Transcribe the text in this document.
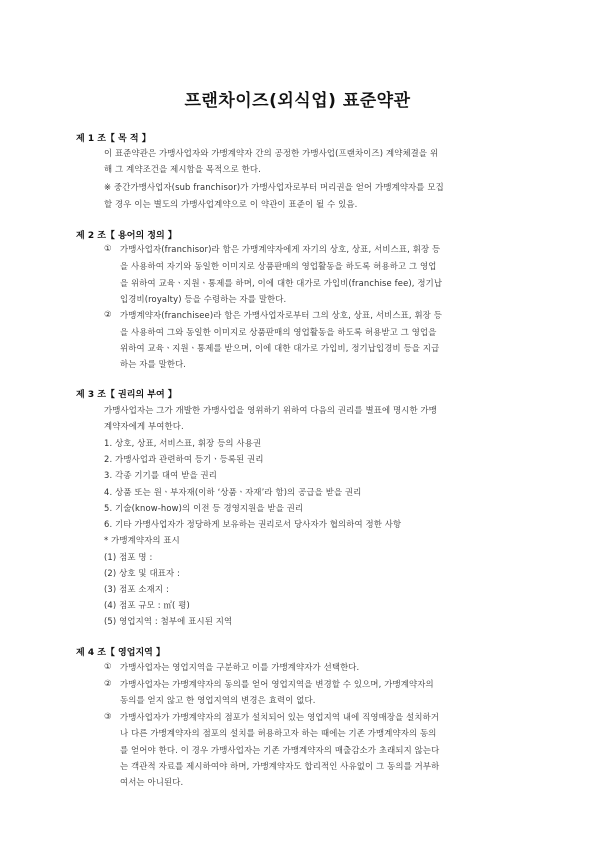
프랜차이즈(외식업) 표준약관
제 1 조【 목 적 】
이 표준약관은 가맹사업자와 가맹계약자 간의 공정한 가맹사업(프랜차이즈) 계약체결을 위
해 그 계약조건을 제시함을 목적으로 한다.
※ 중간가맹사업자(sub franchisor)가 가맹사업자로부터 머리권을 얻어 가맹계약자를 모집
할 경우 이는 별도의 가맹사업계약으로 이 약관이 표준이 될 수 있음.
제 2 조【 용어의 정의 】
① 가맹사업자(franchisor)라 함은 가맹계약자에게 자기의 상호, 상표, 서비스표, 휘장 등
을 사용하여 자기와 동일한 이미지로 상품판매의 영업활동을 하도록 허용하고 그 영업
을 위하여 교육ㆍ지원ㆍ통제를 하며, 이에 대한 대가로 가입비(franchise fee), 정기납
입경비(royalty) 등을 수령하는 자를 말한다.
② 가맹계약자(franchisee)라 함은 가맹사업자로부터 그의 상호, 상표, 서비스표, 휘장 등
을 사용하여 그와 동일한 이미지로 상품판매의 영업활동을 하도록 허용받고 그 영업을
위하여 교육ㆍ지원ㆍ통제를 받으며, 이에 대한 대가로 가입비, 정기납입경비 등을 지급
하는 자를 말한다.
제 3 조【 권리의 부여 】
가맹사업자는 그가 개발한 가맹사업을 영위하기 위하여 다음의 권리를 별표에 명시한 가맹
계약자에게 부여한다.
1. 상호, 상표, 서비스표, 휘장 등의 사용권
2. 가맹사업과 관련하여 등기ㆍ등록된 권리
3. 각종 기기를 대여 받을 권리
4. 상품 또는 원ㆍ부자재(이하 ‘상품ㆍ자재’라 함)의 공급을 받을 권리
5. 기술(know-how)의 이전 등 경영지원을 받을 권리
6. 기타 가맹사업자가 정당하게 보유하는 권리로서 당사자가 협의하여 정한 사항
* 가맹계약자의 표시
(1) 점포 명 :
(2) 상호 및 대표자 :
(3) 점포 소재지 :
(4) 점포 규모 : ㎡( 평)
(5) 영업지역 : 첨부에 표시된 지역
제 4 조【 영업지역 】
① 가맹사업자는 영업지역을 구분하고 이를 가맹계약자가 선택한다.
② 가맹사업자는 가맹계약자의 동의를 얻어 영업지역을 변경할 수 있으며, 가맹계약자의
동의를 얻지 않고 한 영업지역의 변경은 효력이 없다.
③ 가맹사업자가 가맹계약자의 점포가 설치되어 있는 영업지역 내에 직영매장을 설치하거
나 다른 가맹계약자의 점포의 설치를 허용하고자 하는 때에는 기존 가맹계약자의 동의
를 얻어야 한다. 이 경우 가맹사업자는 기존 가맹계약자의 매출감소가 초래되지 않는다
는 객관적 자료를 제시하여야 하며, 가맹계약자도 합리적인 사유없이 그 동의를 거부하
여서는 아니된다.
